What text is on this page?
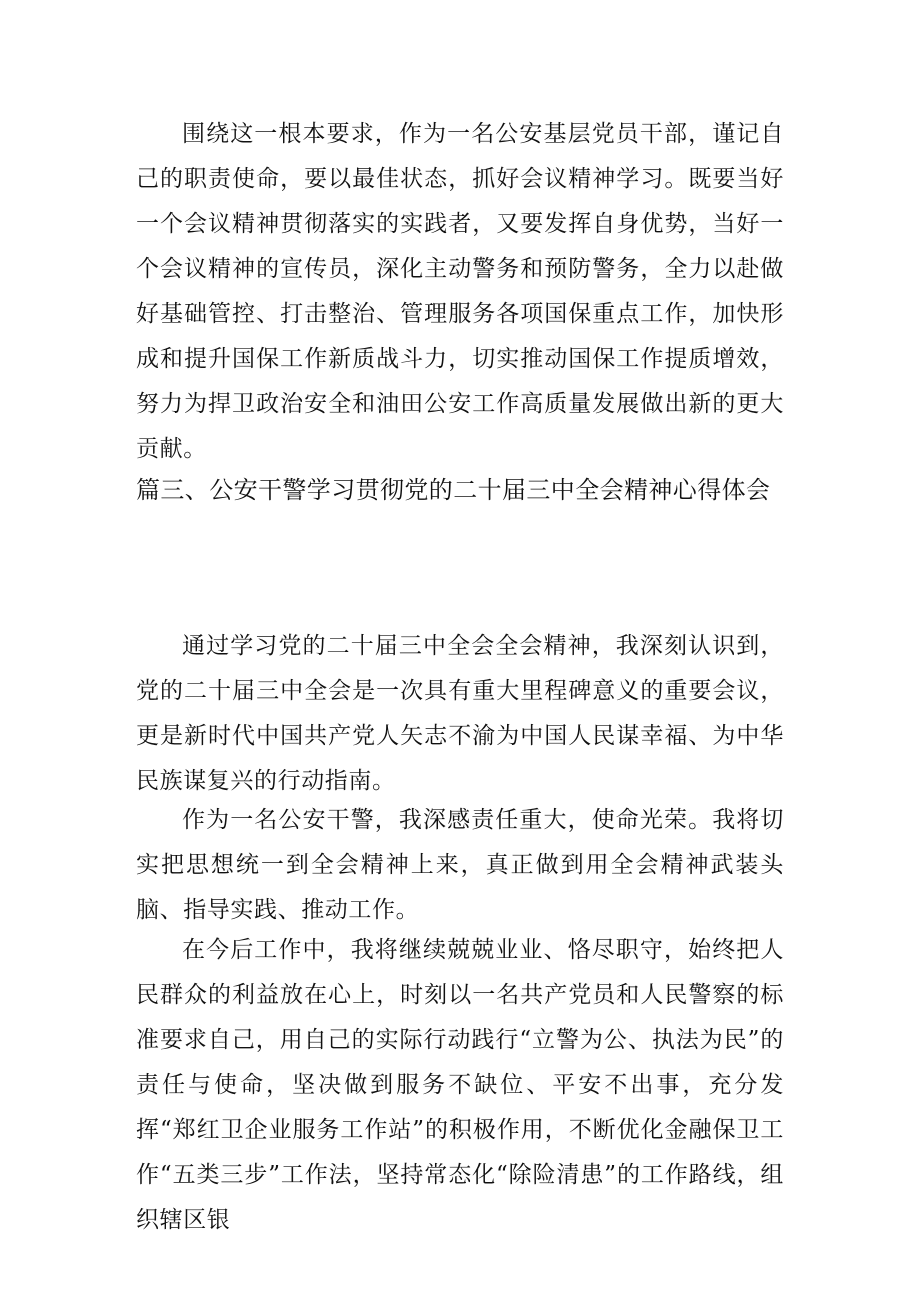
围绕这一根本要求，作为一名公安基层党员干部，谨记自己的职责使命，要以最佳状态，抓好会议精神学习。既要当好一个会议精神贯彻落实的实践者，又要发挥自身优势，当好一个会议精神的宣传员，深化主动警务和预防警务，全力以赴做好基础管控、打击整治、管理服务各项国保重点工作，加快形成和提升国保工作新质战斗力，切实推动国保工作提质增效，努力为捍卫政治安全和油田公安工作高质量发展做出新的更大贡献。

篇三、公安干警学习贯彻党的二十届三中全会精神心得体会

通过学习党的二十届三中全会全会精神，我深刻认识到，党的二十届三中全会是一次具有重大里程碑意义的重要会议，更是新时代中国共产党人矢志不渝为中国人民谋幸福、为中华民族谋复兴的行动指南。

作为一名公安干警，我深感责任重大，使命光荣。我将切实把思想统一到全会精神上来，真正做到用全会精神武装头脑、指导实践、推动工作。

在今后工作中，我将继续兢兢业业、恪尽职守，始终把人民群众的利益放在心上，时刻以一名共产党员和人民警察的标准要求自己，用自己的实际行动践行“立警为公、执法为民”的责任与使命，坚决做到服务不缺位、平安不出事，充分发挥“郑红卫企业服务工作站”的积极作用，不断优化金融保卫工作“五类三步”工作法，坚持常态化“除险清患”的工作路线，组织辖区银
